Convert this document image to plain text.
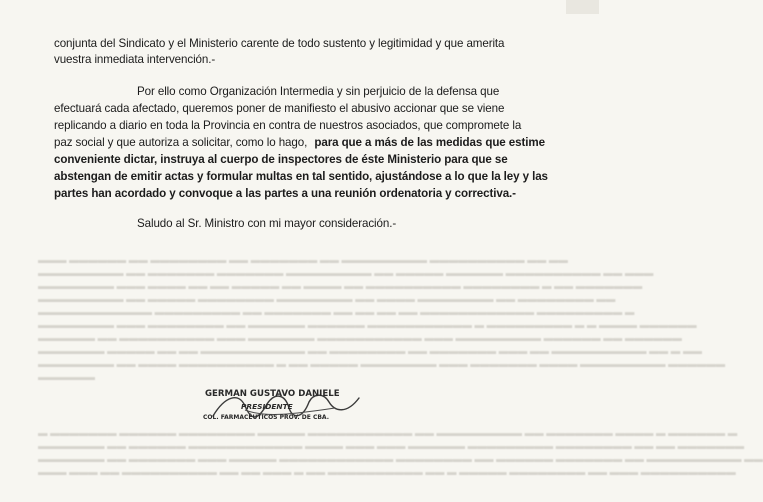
▬▬▬ ▬▬▬▬▬▬ ▬▬ ▬▬▬▬▬▬▬▬ ▬▬ ▬▬▬▬▬▬▬ ▬▬ ▬▬▬▬▬▬▬▬▬ ▬▬▬▬▬▬▬▬▬▬ ▬▬ ▬▬
▬▬▬▬▬▬▬▬▬ ▬▬ ▬▬▬▬▬▬▬ ▬▬▬▬▬▬▬ ▬▬▬▬▬▬▬▬▬ ▬▬ ▬▬▬▬▬ ▬▬▬▬▬▬ ▬▬▬▬▬▬▬▬▬▬ ▬▬ ▬▬▬
▬▬▬▬▬▬▬▬ ▬▬▬ ▬▬▬▬ ▬▬ ▬▬ ▬▬▬▬▬ ▬▬ ▬▬▬▬ ▬▬ ▬▬▬▬▬▬▬▬▬▬ ▬▬▬▬▬▬▬▬ ▬ ▬▬ ▬▬▬▬▬▬▬
▬▬▬▬▬▬▬▬▬ ▬▬ ▬▬▬▬▬ ▬▬▬▬▬▬▬▬ ▬▬▬▬▬▬▬▬ ▬▬ ▬▬▬▬ ▬▬▬▬▬▬▬▬ ▬▬ ▬▬▬▬▬▬▬▬ ▬▬
▬▬▬▬▬▬▬▬▬▬▬▬ ▬▬▬▬▬▬▬▬▬ ▬▬ ▬▬▬▬▬▬▬ ▬▬ ▬▬ ▬▬ ▬▬ ▬▬▬▬▬▬▬▬▬▬▬▬ ▬▬▬▬▬▬▬▬▬ ▬
▬▬▬▬▬▬▬▬ ▬▬▬ ▬▬▬▬▬▬▬▬ ▬▬ ▬▬▬▬▬▬ ▬▬▬▬▬▬ ▬▬▬▬▬▬▬▬▬▬▬ ▬ ▬▬▬▬▬▬▬▬▬ ▬ ▬ ▬▬▬▬ ▬▬▬▬▬▬
▬▬▬▬▬▬ ▬▬ ▬▬▬▬▬▬▬▬▬▬ ▬▬▬ ▬▬▬▬▬▬▬ ▬▬▬▬▬▬▬▬▬▬▬ ▬▬▬ ▬▬▬▬▬▬▬▬▬ ▬▬▬▬▬▬ ▬▬ ▬▬▬▬▬▬
▬▬▬▬▬▬▬ ▬▬▬▬▬ ▬▬ ▬▬ ▬▬▬▬▬▬▬▬▬▬▬ ▬▬ ▬▬▬▬▬▬▬▬ ▬▬ ▬▬▬▬▬▬▬ ▬▬▬ ▬▬ ▬▬▬▬▬▬▬▬▬▬ ▬▬ ▬ ▬▬
▬▬▬▬▬▬▬▬ ▬▬ ▬▬▬▬ ▬▬▬▬▬▬▬▬▬▬ ▬ ▬▬ ▬▬▬▬▬ ▬▬▬▬▬▬▬▬ ▬▬▬ ▬▬▬▬▬▬▬ ▬▬▬▬ ▬▬▬▬▬▬▬▬▬ ▬▬▬▬▬▬
▬▬▬▬▬▬
▬ ▬▬▬▬▬▬▬ ▬▬▬▬▬▬ ▬▬▬▬▬▬▬▬ ▬▬▬▬▬ ▬▬▬▬▬▬▬▬▬▬▬ ▬▬ ▬▬▬▬▬▬▬▬▬ ▬▬ ▬▬▬▬▬▬▬ ▬▬▬▬ ▬ ▬▬▬▬▬▬ ▬
▬▬▬▬▬▬▬ ▬▬ ▬▬▬▬▬▬ ▬▬▬▬▬▬▬▬▬▬▬▬ ▬▬▬▬ ▬▬▬ ▬▬▬ ▬▬▬▬▬▬ ▬▬▬▬▬▬▬▬▬ ▬▬▬▬▬▬▬▬ ▬▬ ▬▬ ▬▬▬▬▬▬▬
▬▬▬▬▬▬▬ ▬▬ ▬▬▬▬▬▬▬ ▬▬▬ ▬▬▬▬▬ ▬▬▬▬▬▬▬▬▬▬▬▬ ▬▬▬▬▬▬▬▬ ▬▬ ▬▬▬▬▬▬ ▬▬▬▬▬▬▬ ▬▬ ▬▬▬▬▬▬▬▬▬▬ ▬▬
▬▬▬ ▬▬▬ ▬▬ ▬▬▬▬▬▬▬▬▬▬ ▬▬ ▬▬ ▬▬▬ ▬ ▬▬ ▬▬▬▬▬▬▬▬▬▬ ▬▬ ▬ ▬▬▬▬▬ ▬▬▬▬▬▬▬▬ ▬▬ ▬▬▬ ▬▬▬▬▬▬▬▬▬▬
conjunta del Sindicato y el Ministerio carente de todo sustento y legitimidad y que amerita
vuestra inmediata intervención.-
Por ello como Organización Intermedia y sin perjuicio de la defensa que
efectuará cada afectado, queremos poner de manifiesto el abusivo accionar que se viene
replicando a diario en toda la Provincia en contra de nuestros asociados, que compromete la
paz social y que autoriza a solicitar, como lo hago, para que a más de las medidas que estime
conveniente dictar, instruya al cuerpo de inspectores de éste Ministerio para que se
abstengan de emitir actas y formular multas en tal sentido, ajustándose a lo que la ley y las
partes han acordado y convoque a las partes a una reunión ordenatoria y correctiva.-
Saludo al Sr. Ministro con mi mayor consideración.-
GERMAN GUSTAVO DANIELE
PRESIDENTE
COL. FARMACÉUTICOS PROV. DE CBA.
